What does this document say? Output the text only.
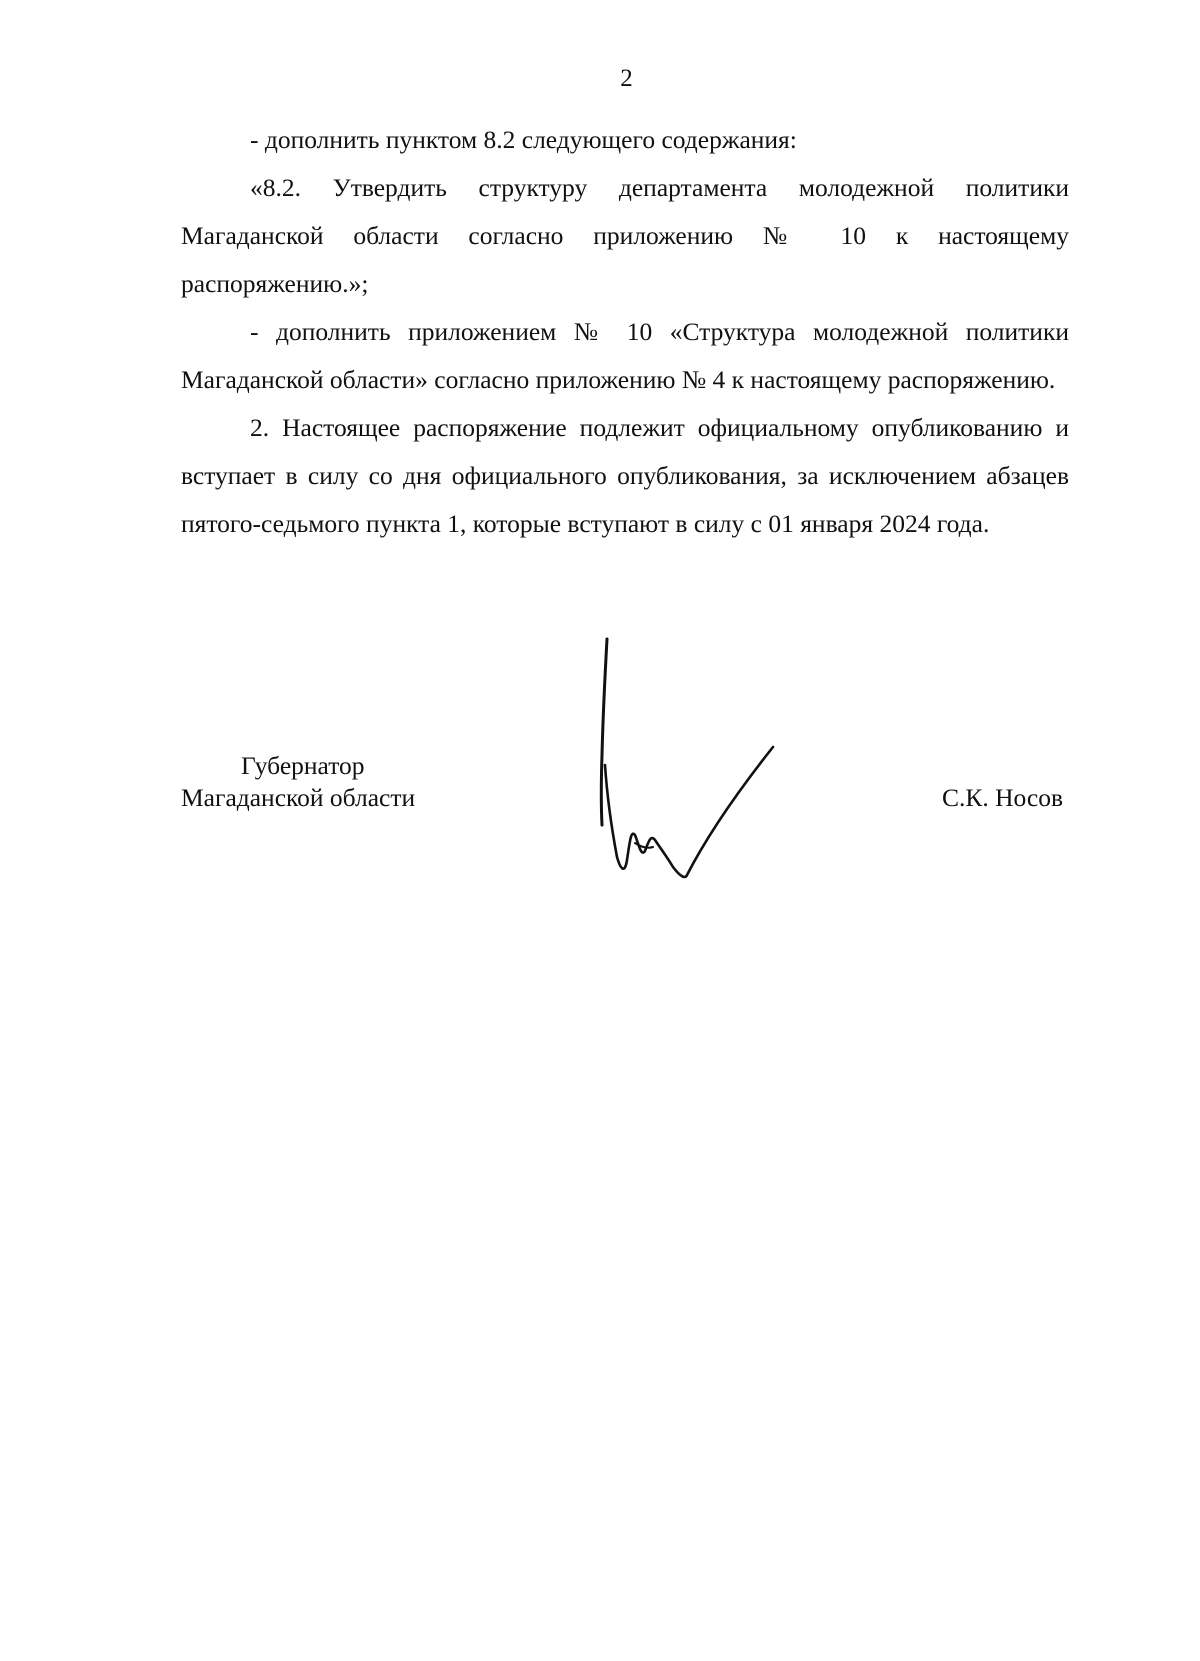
2

- дополнить пунктом 8.2 следующего содержания:

«8.2. Утвердить структуру департамента молодежной политики Магаданской области согласно приложению № 10 к настоящему распоряжению.»;

- дополнить приложением № 10 «Структура молодежной политики Магаданской области» согласно приложению № 4 к настоящему распоряжению.

2. Настоящее распоряжение подлежит официальному опубликованию и вступает в силу со дня официального опубликования, за исключением абзацев пятого-седьмого пункта 1, которые вступают в силу с 01 января 2024 года.

Губернатор
Магаданской области	С.К. Носов
